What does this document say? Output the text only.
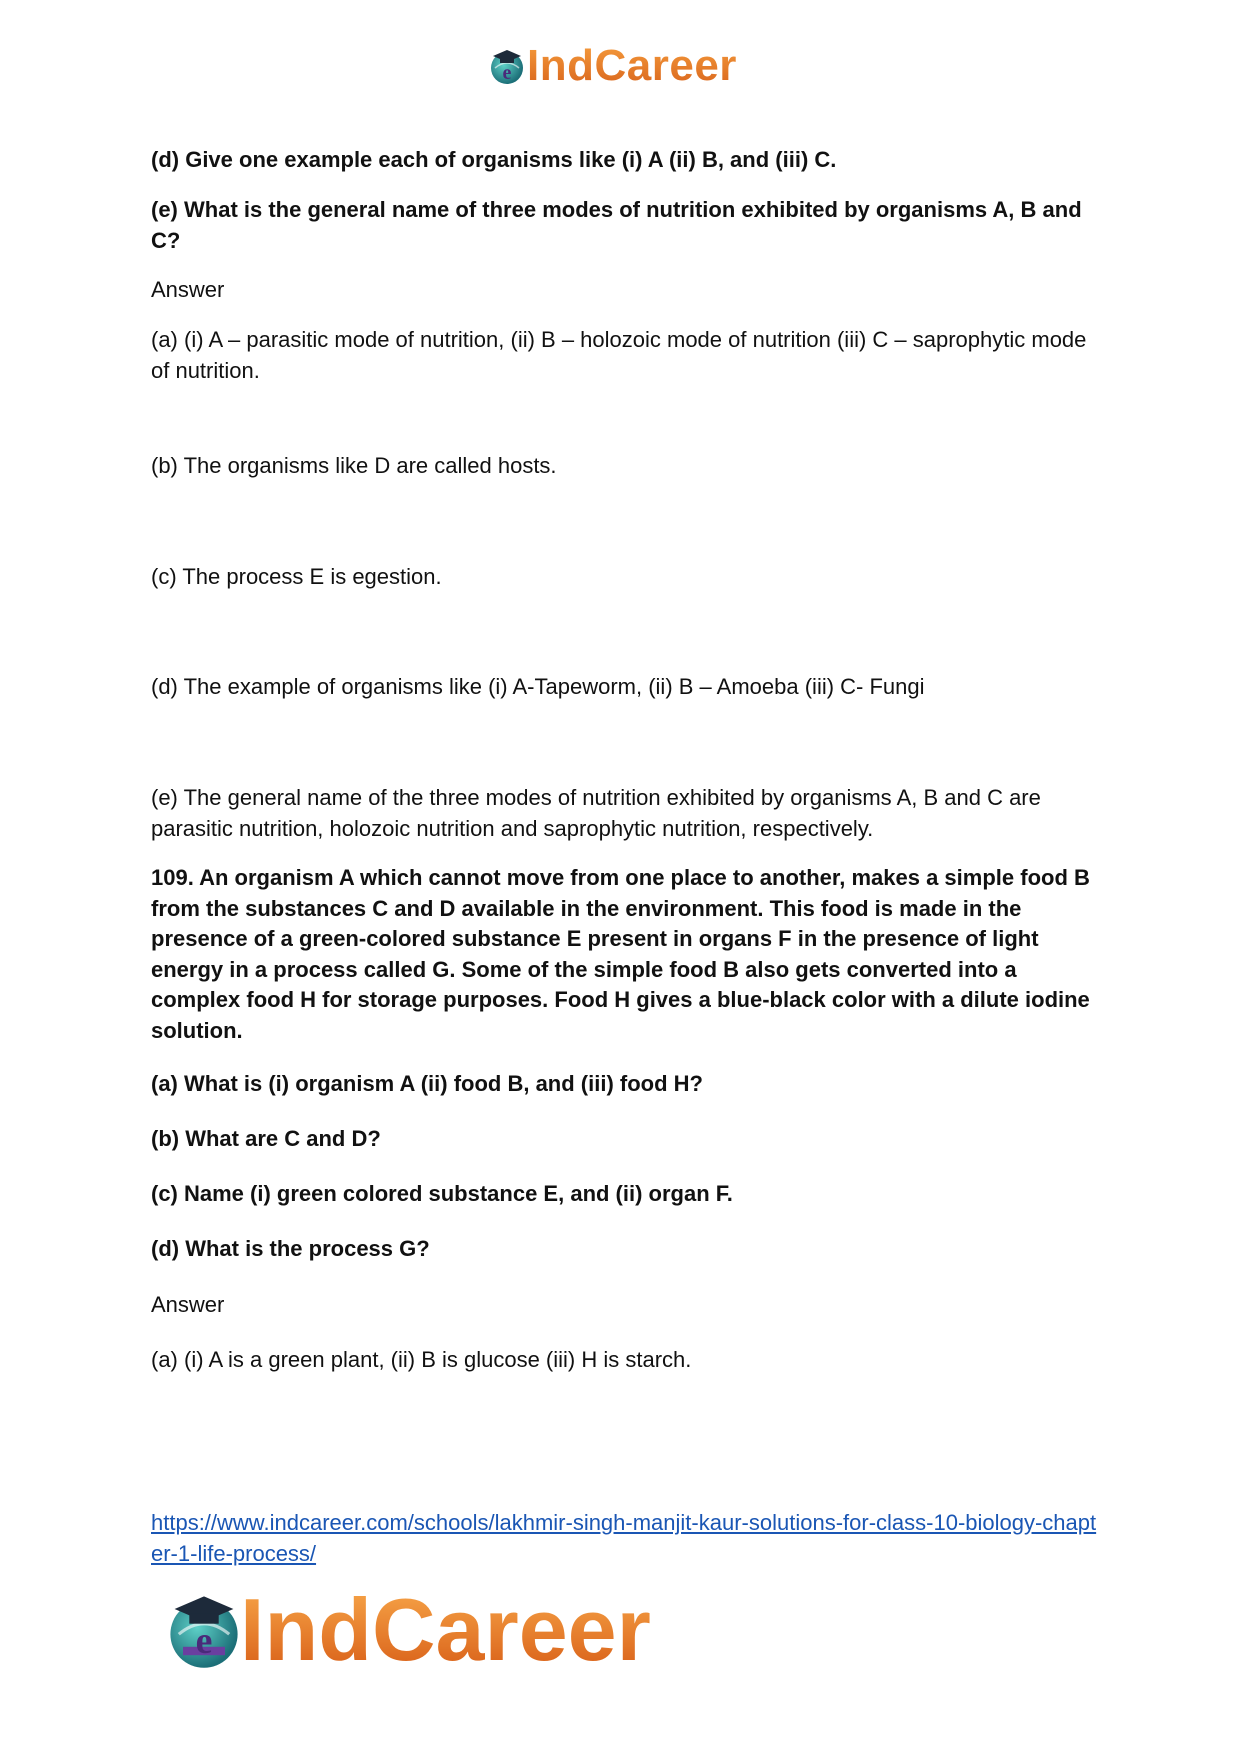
e IndCareer

(d) Give one example each of organisms like (i) A (ii) B, and (iii) C.

(e) What is the general name of three modes of nutrition exhibited by organisms A, B and C?

Answer

(a) (i) A – parasitic mode of nutrition, (ii) B – holozoic mode of nutrition (iii) C – saprophytic mode of nutrition.

(b) The organisms like D are called hosts.

(c) The process E is egestion.

(d) The example of organisms like (i) A-Tapeworm, (ii) B – Amoeba (iii) C- Fungi

(e) The general name of the three modes of nutrition exhibited by organisms A, B and C are parasitic nutrition, holozoic nutrition and saprophytic nutrition, respectively.

109. An organism A which cannot move from one place to another, makes a simple food B from the substances C and D available in the environment. This food is made in the presence of a green-colored substance E present in organs F in the presence of light energy in a process called G. Some of the simple food B also gets converted into a complex food H for storage purposes. Food H gives a blue-black color with a dilute iodine solution.

(a) What is (i) organism A (ii) food B, and (iii) food H?

(b) What are C and D?

(c) Name (i) green colored substance E, and (ii) organ F.

(d) What is the process G?

Answer

(a) (i) A is a green plant, (ii) B is glucose (iii) H is starch.

https://www.indcareer.com/schools/lakhmir-singh-manjit-kaur-solutions-for-class-10-biology-chapter-1-life-process/

e IndCareer
